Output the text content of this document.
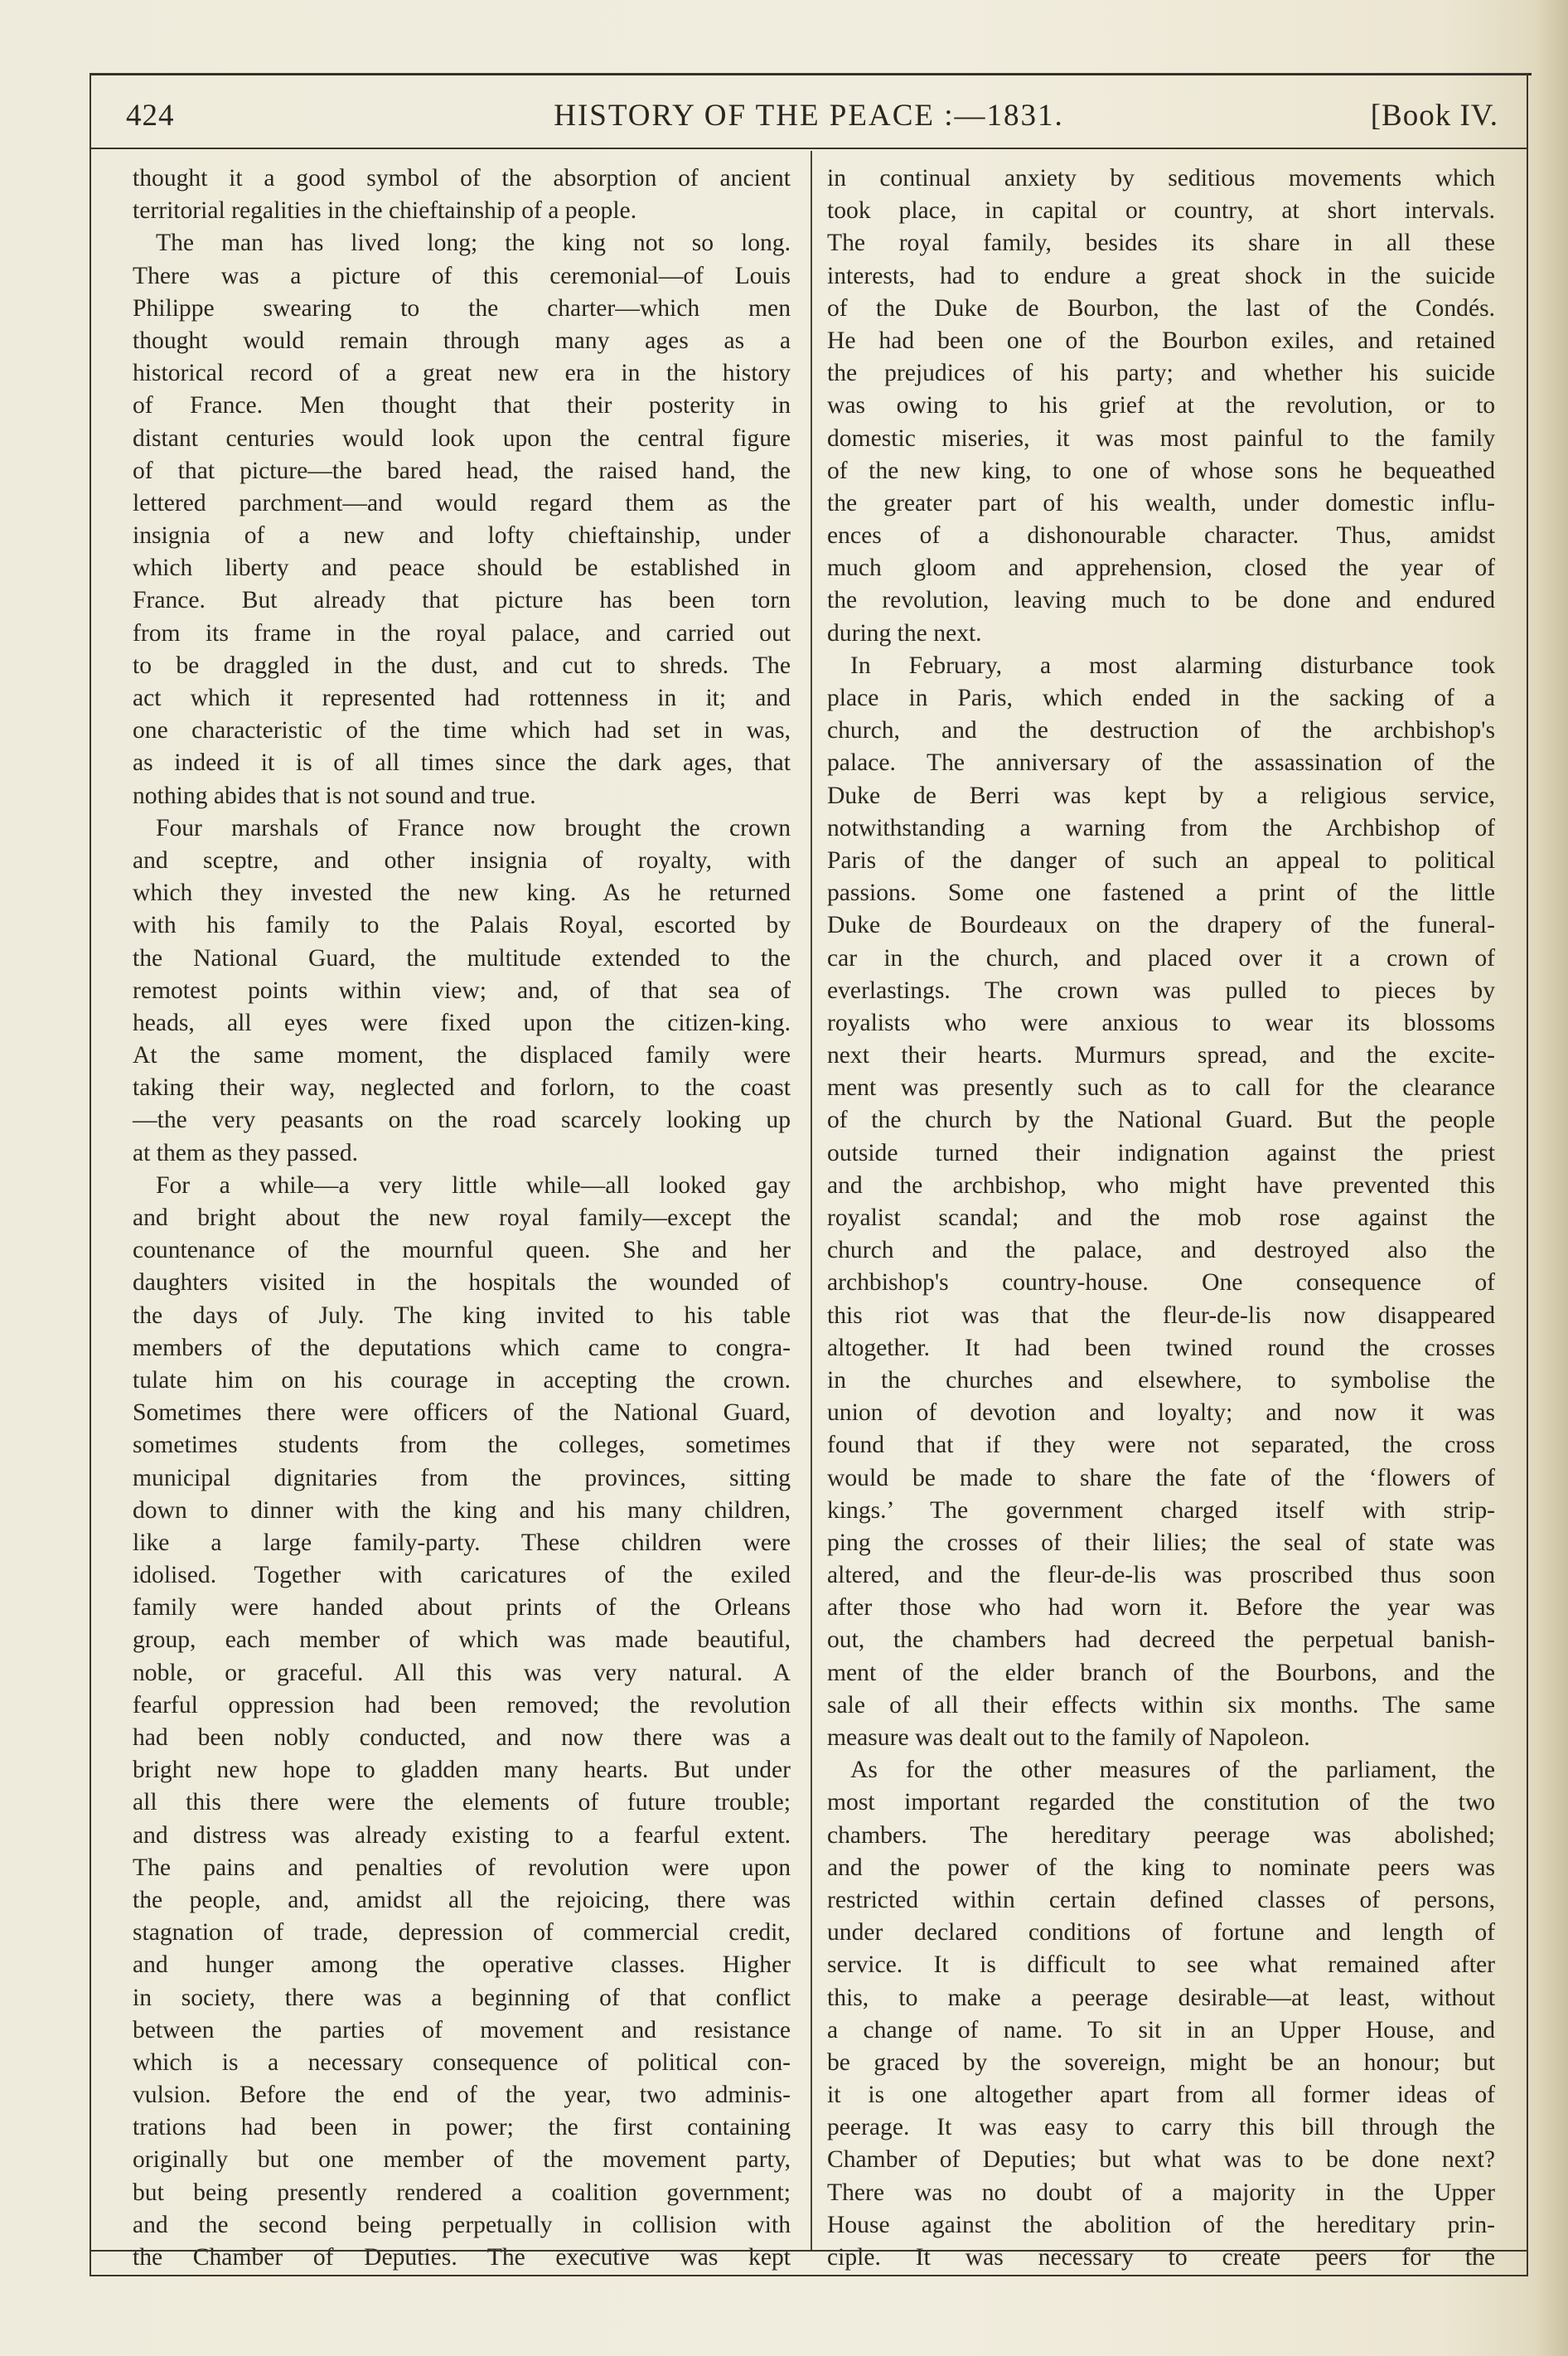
HISTORY OF THE PEACE :—1831.
424	[Book IV.
thought it a good symbol of the absorption of ancient
territorial regalities in the chieftainship of a people.
The man has lived long; the king not so long.
There was a picture of this ceremonial—of Louis
Philippe swearing to the charter—which men
thought would remain through many ages as a
historical record of a great new era in the history
of France. Men thought that their posterity in
distant centuries would look upon the central figure
of that picture—the bared head, the raised hand, the
lettered parchment—and would regard them as the
insignia of a new and lofty chieftainship, under
which liberty and peace should be established in
France. But already that picture has been torn
from its frame in the royal palace, and carried out
to be draggled in the dust, and cut to shreds. The
act which it represented had rottenness in it; and
one characteristic of the time which had set in was,
as indeed it is of all times since the dark ages, that
nothing abides that is not sound and true.
Four marshals of France now brought the crown
and sceptre, and other insignia of royalty, with
which they invested the new king. As he returned
with his family to the Palais Royal, escorted by
the National Guard, the multitude extended to the
remotest points within view; and, of that sea of
heads, all eyes were fixed upon the citizen-king.
At the same moment, the displaced family were
taking their way, neglected and forlorn, to the coast
—the very peasants on the road scarcely looking up
at them as they passed.
For a while—a very little while—all looked gay
and bright about the new royal family—except the
countenance of the mournful queen. She and her
daughters visited in the hospitals the wounded of
the days of July. The king invited to his table
members of the deputations which came to congra-
tulate him on his courage in accepting the crown.
Sometimes there were officers of the National Guard,
sometimes students from the colleges, sometimes
municipal dignitaries from the provinces, sitting
down to dinner with the king and his many children,
like a large family-party. These children were
idolised. Together with caricatures of the exiled
family were handed about prints of the Orleans
group, each member of which was made beautiful,
noble, or graceful. All this was very natural. A
fearful oppression had been removed; the revolution
had been nobly conducted, and now there was a
bright new hope to gladden many hearts. But under
all this there were the elements of future trouble;
and distress was already existing to a fearful extent.
The pains and penalties of revolution were upon
the people, and, amidst all the rejoicing, there was
stagnation of trade, depression of commercial credit,
and hunger among the operative classes. Higher
in society, there was a beginning of that conflict
between the parties of movement and resistance
which is a necessary consequence of political con-
vulsion. Before the end of the year, two adminis-
trations had been in power; the first containing
originally but one member of the movement party,
but being presently rendered a coalition government;
and the second being perpetually in collision with
the Chamber of Deputies. The executive was kept
in continual anxiety by seditious movements which
took place, in capital or country, at short intervals.
The royal family, besides its share in all these
interests, had to endure a great shock in the suicide
of the Duke de Bourbon, the last of the Condés.
He had been one of the Bourbon exiles, and retained
the prejudices of his party; and whether his suicide
was owing to his grief at the revolution, or to
domestic miseries, it was most painful to the family
of the new king, to one of whose sons he bequeathed
the greater part of his wealth, under domestic influ-
ences of a dishonourable character. Thus, amidst
much gloom and apprehension, closed the year of
the revolution, leaving much to be done and endured
during the next.
In February, a most alarming disturbance took
place in Paris, which ended in the sacking of a
church, and the destruction of the archbishop's
palace. The anniversary of the assassination of the
Duke de Berri was kept by a religious service,
notwithstanding a warning from the Archbishop of
Paris of the danger of such an appeal to political
passions. Some one fastened a print of the little
Duke de Bourdeaux on the drapery of the funeral-
car in the church, and placed over it a crown of
everlastings. The crown was pulled to pieces by
royalists who were anxious to wear its blossoms
next their hearts. Murmurs spread, and the excite-
ment was presently such as to call for the clearance
of the church by the National Guard. But the people
outside turned their indignation against the priest
and the archbishop, who might have prevented this
royalist scandal; and the mob rose against the
church and the palace, and destroyed also the
archbishop's country-house. One consequence of
this riot was that the fleur-de-lis now disappeared
altogether. It had been twined round the crosses
in the churches and elsewhere, to symbolise the
union of devotion and loyalty; and now it was
found that if they were not separated, the cross
would be made to share the fate of the ‘flowers of
kings.’ The government charged itself with strip-
ping the crosses of their lilies; the seal of state was
altered, and the fleur-de-lis was proscribed thus soon
after those who had worn it. Before the year was
out, the chambers had decreed the perpetual banish-
ment of the elder branch of the Bourbons, and the
sale of all their effects within six months. The same
measure was dealt out to the family of Napoleon.
As for the other measures of the parliament, the
most important regarded the constitution of the two
chambers. The hereditary peerage was abolished;
and the power of the king to nominate peers was
restricted within certain defined classes of persons,
under declared conditions of fortune and length of
service. It is difficult to see what remained after
this, to make a peerage desirable—at least, without
a change of name. To sit in an Upper House, and
be graced by the sovereign, might be an honour; but
it is one altogether apart from all former ideas of
peerage. It was easy to carry this bill through the
Chamber of Deputies; but what was to be done next?
There was no doubt of a majority in the Upper
House against the abolition of the hereditary prin-
ciple. It was necessary to create peers for the
